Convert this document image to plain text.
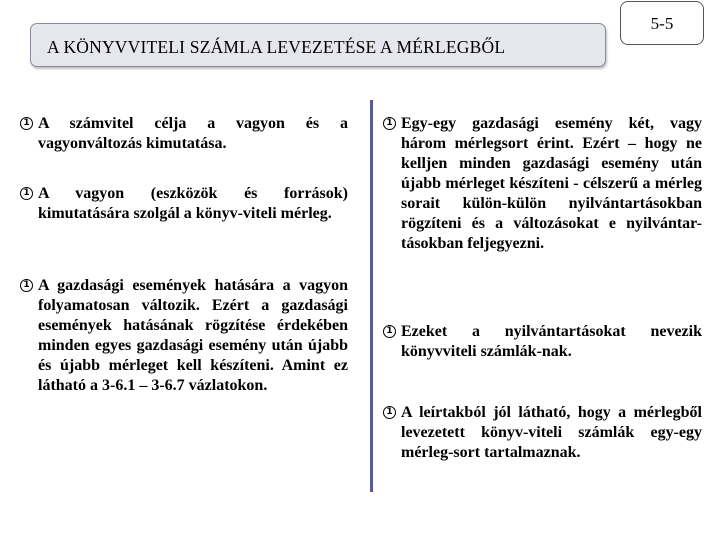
A KÖNYVVITELI SZÁMLA LEVEZETÉSE A MÉRLEGBŐL
5-5
1 A számvitel célja a vagyon és a vagyonváltozás kimutatása.
1 A vagyon (eszközök és források) kimutatására szolgál a könyv-viteli mérleg.
1 A gazdasági események hatására a vagyon folyamatosan változik. Ezért a gazdasági események hatásának rögzítése érdekében minden egyes gazdasági esemény után újabb és újabb mérleget kell készíteni. Amint ez látható a 3-6.1 – 3-6.7 vázlatokon.
1 Egy-egy gazdasági esemény két, vagy három mérlegsort érint. Ezért – hogy ne kelljen minden gazdasági esemény után újabb mérleget készíteni - célszerű a mérleg sorait külön-külön nyilvántartásokban rögzíteni és a változásokat e nyilvántar-tásokban feljegyezni.
1 Ezeket a nyilvántartásokat nevezik könyvviteli számlák-nak.
1 A leírtakból jól látható, hogy a mérlegből levezetett könyv-viteli számlák egy-egy mérleg-sort tartalmaznak.
